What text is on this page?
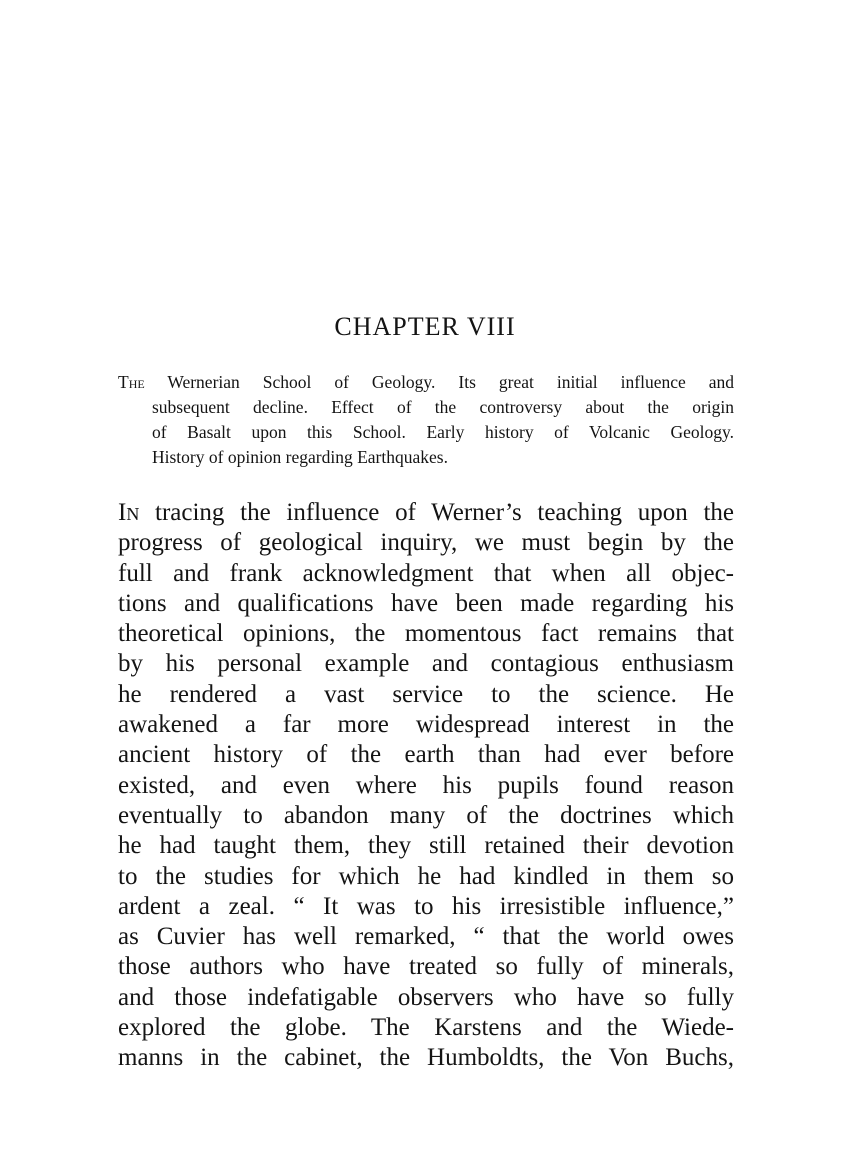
CHAPTER VIII
The Wernerian School of Geology. Its great initial influence and
subsequent decline. Effect of the controversy about the origin
of Basalt upon this School. Early history of Volcanic Geology.
History of opinion regarding Earthquakes.
In tracing the influence of Werner’s teaching upon the
progress of geological inquiry, we must begin by the
full and frank acknowledgment that when all objec-
tions and qualifications have been made regarding his
theoretical opinions, the momentous fact remains that
by his personal example and contagious enthusiasm
he rendered a vast service to the science. He
awakened a far more widespread interest in the
ancient history of the earth than had ever before
existed, and even where his pupils found reason
eventually to abandon many of the doctrines which
he had taught them, they still retained their devotion
to the studies for which he had kindled in them so
ardent a zeal. “ It was to his irresistible influence,”
as Cuvier has well remarked, “ that the world owes
those authors who have treated so fully of minerals,
and those indefatigable observers who have so fully
explored the globe. The Karstens and the Wiede-
manns in the cabinet, the Humboldts, the Von Buchs,
